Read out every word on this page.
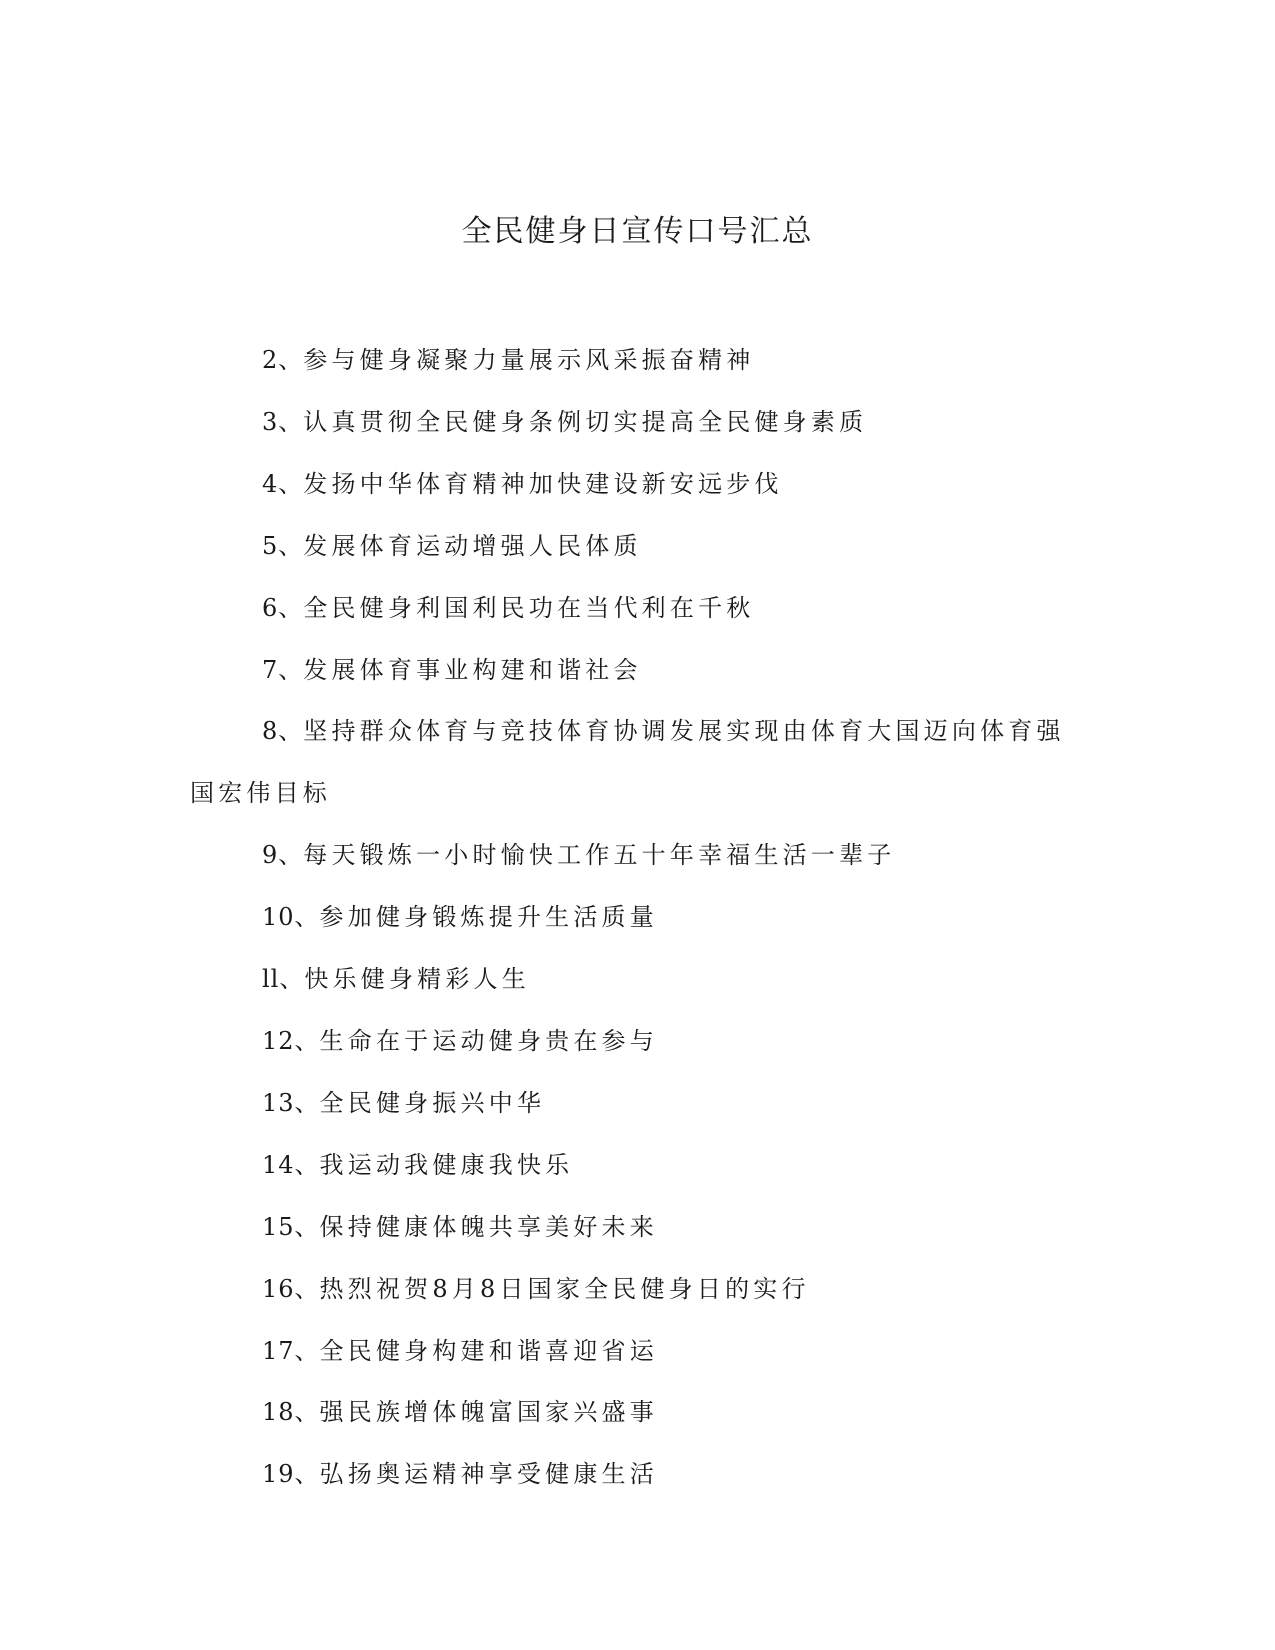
全民健身日宣传口号汇总

2、参与健身凝聚力量展示风采振奋精神

3、认真贯彻全民健身条例切实提高全民健身素质

4、发扬中华体育精神加快建设新安远步伐

5、发展体育运动增强人民体质

6、全民健身利国利民功在当代利在千秋

7、发展体育事业构建和谐社会

8、坚持群众体育与竞技体育协调发展实现由体育大国迈向体育强国宏伟目标

9、每天锻炼一小时愉快工作五十年幸福生活一辈子

10、参加健身锻炼提升生活质量

ll、快乐健身精彩人生

12、生命在于运动健身贵在参与

13、全民健身振兴中华

14、我运动我健康我快乐

15、保持健康体魄共享美好未来

16、热烈祝贺8月8日国家全民健身日的实行

17、全民健身构建和谐喜迎省运

18、强民族增体魄富国家兴盛事

19、弘扬奥运精神享受健康生活
